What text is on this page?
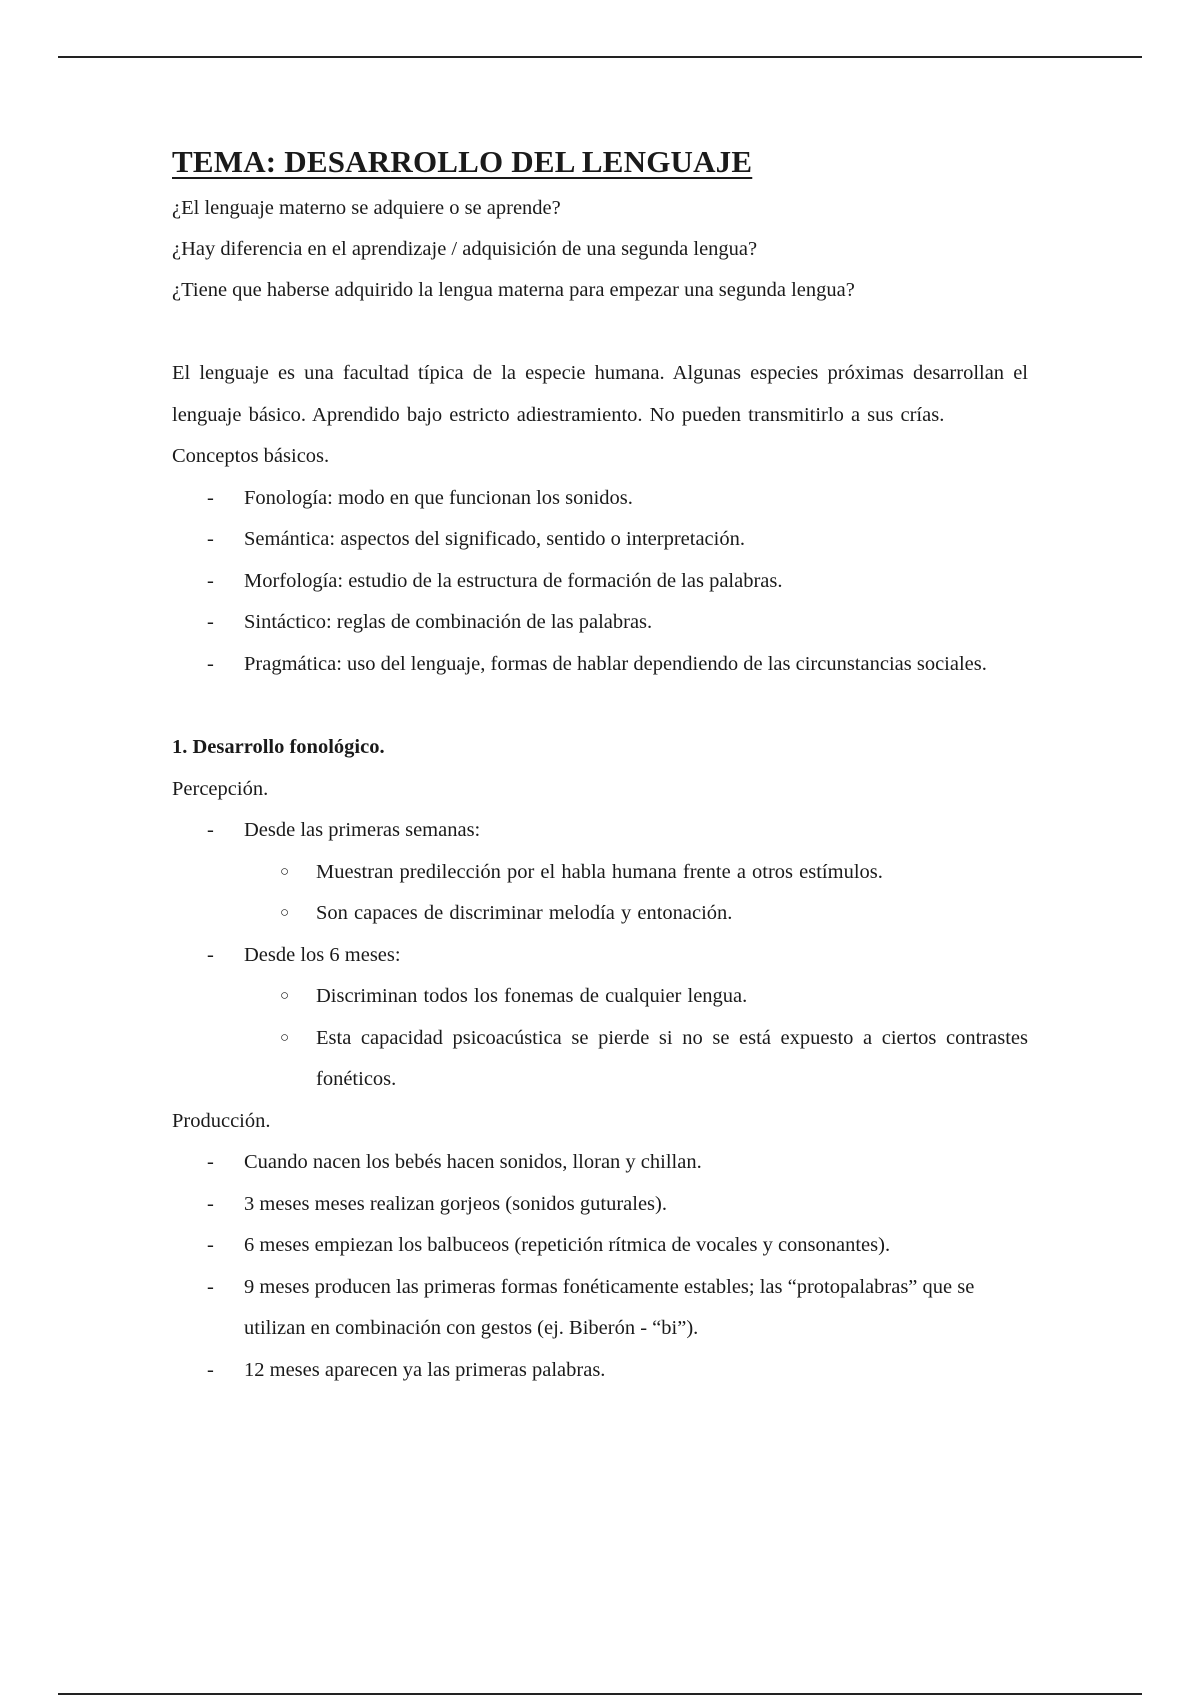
TEMA: DESARROLLO DEL LENGUAJE

¿El lenguaje materno se adquiere o se aprende?

¿Hay diferencia en el aprendizaje / adquisición de una segunda lengua?

¿Tiene que haberse adquirido la lengua materna para empezar una segunda lengua?

El lenguaje es una facultad típica de la especie humana. Algunas especies próximas desarrollan el lenguaje básico. Aprendido bajo estricto adiestramiento. No pueden transmitirlo a sus crías.

Conceptos básicos.

- Fonología: modo en que funcionan los sonidos.
- Semántica: aspectos del significado, sentido o interpretación.
- Morfología: estudio de la estructura de formación de las palabras.
- Sintáctico: reglas de combinación de las palabras.
- Pragmática: uso del lenguaje, formas de hablar dependiendo de las circunstancias sociales.

1. Desarrollo fonológico.

Percepción.

- Desde las primeras semanas:
○ Muestran predilección por el habla humana frente a otros estímulos.
○ Son capaces de discriminar melodía y entonación.
- Desde los 6 meses:
○ Discriminan todos los fonemas de cualquier lengua.
○ Esta capacidad psicoacústica se pierde si no se está expuesto a ciertos contrastes fonéticos.

Producción.

- Cuando nacen los bebés hacen sonidos, lloran y chillan.
- 3 meses meses realizan gorjeos (sonidos guturales).
- 6 meses empiezan los balbuceos (repetición rítmica de vocales y consonantes).
- 9 meses producen las primeras formas fonéticamente estables; las “protopalabras” que se utilizan en combinación con gestos (ej. Biberón - “bi”).
- 12 meses aparecen ya las primeras palabras.
